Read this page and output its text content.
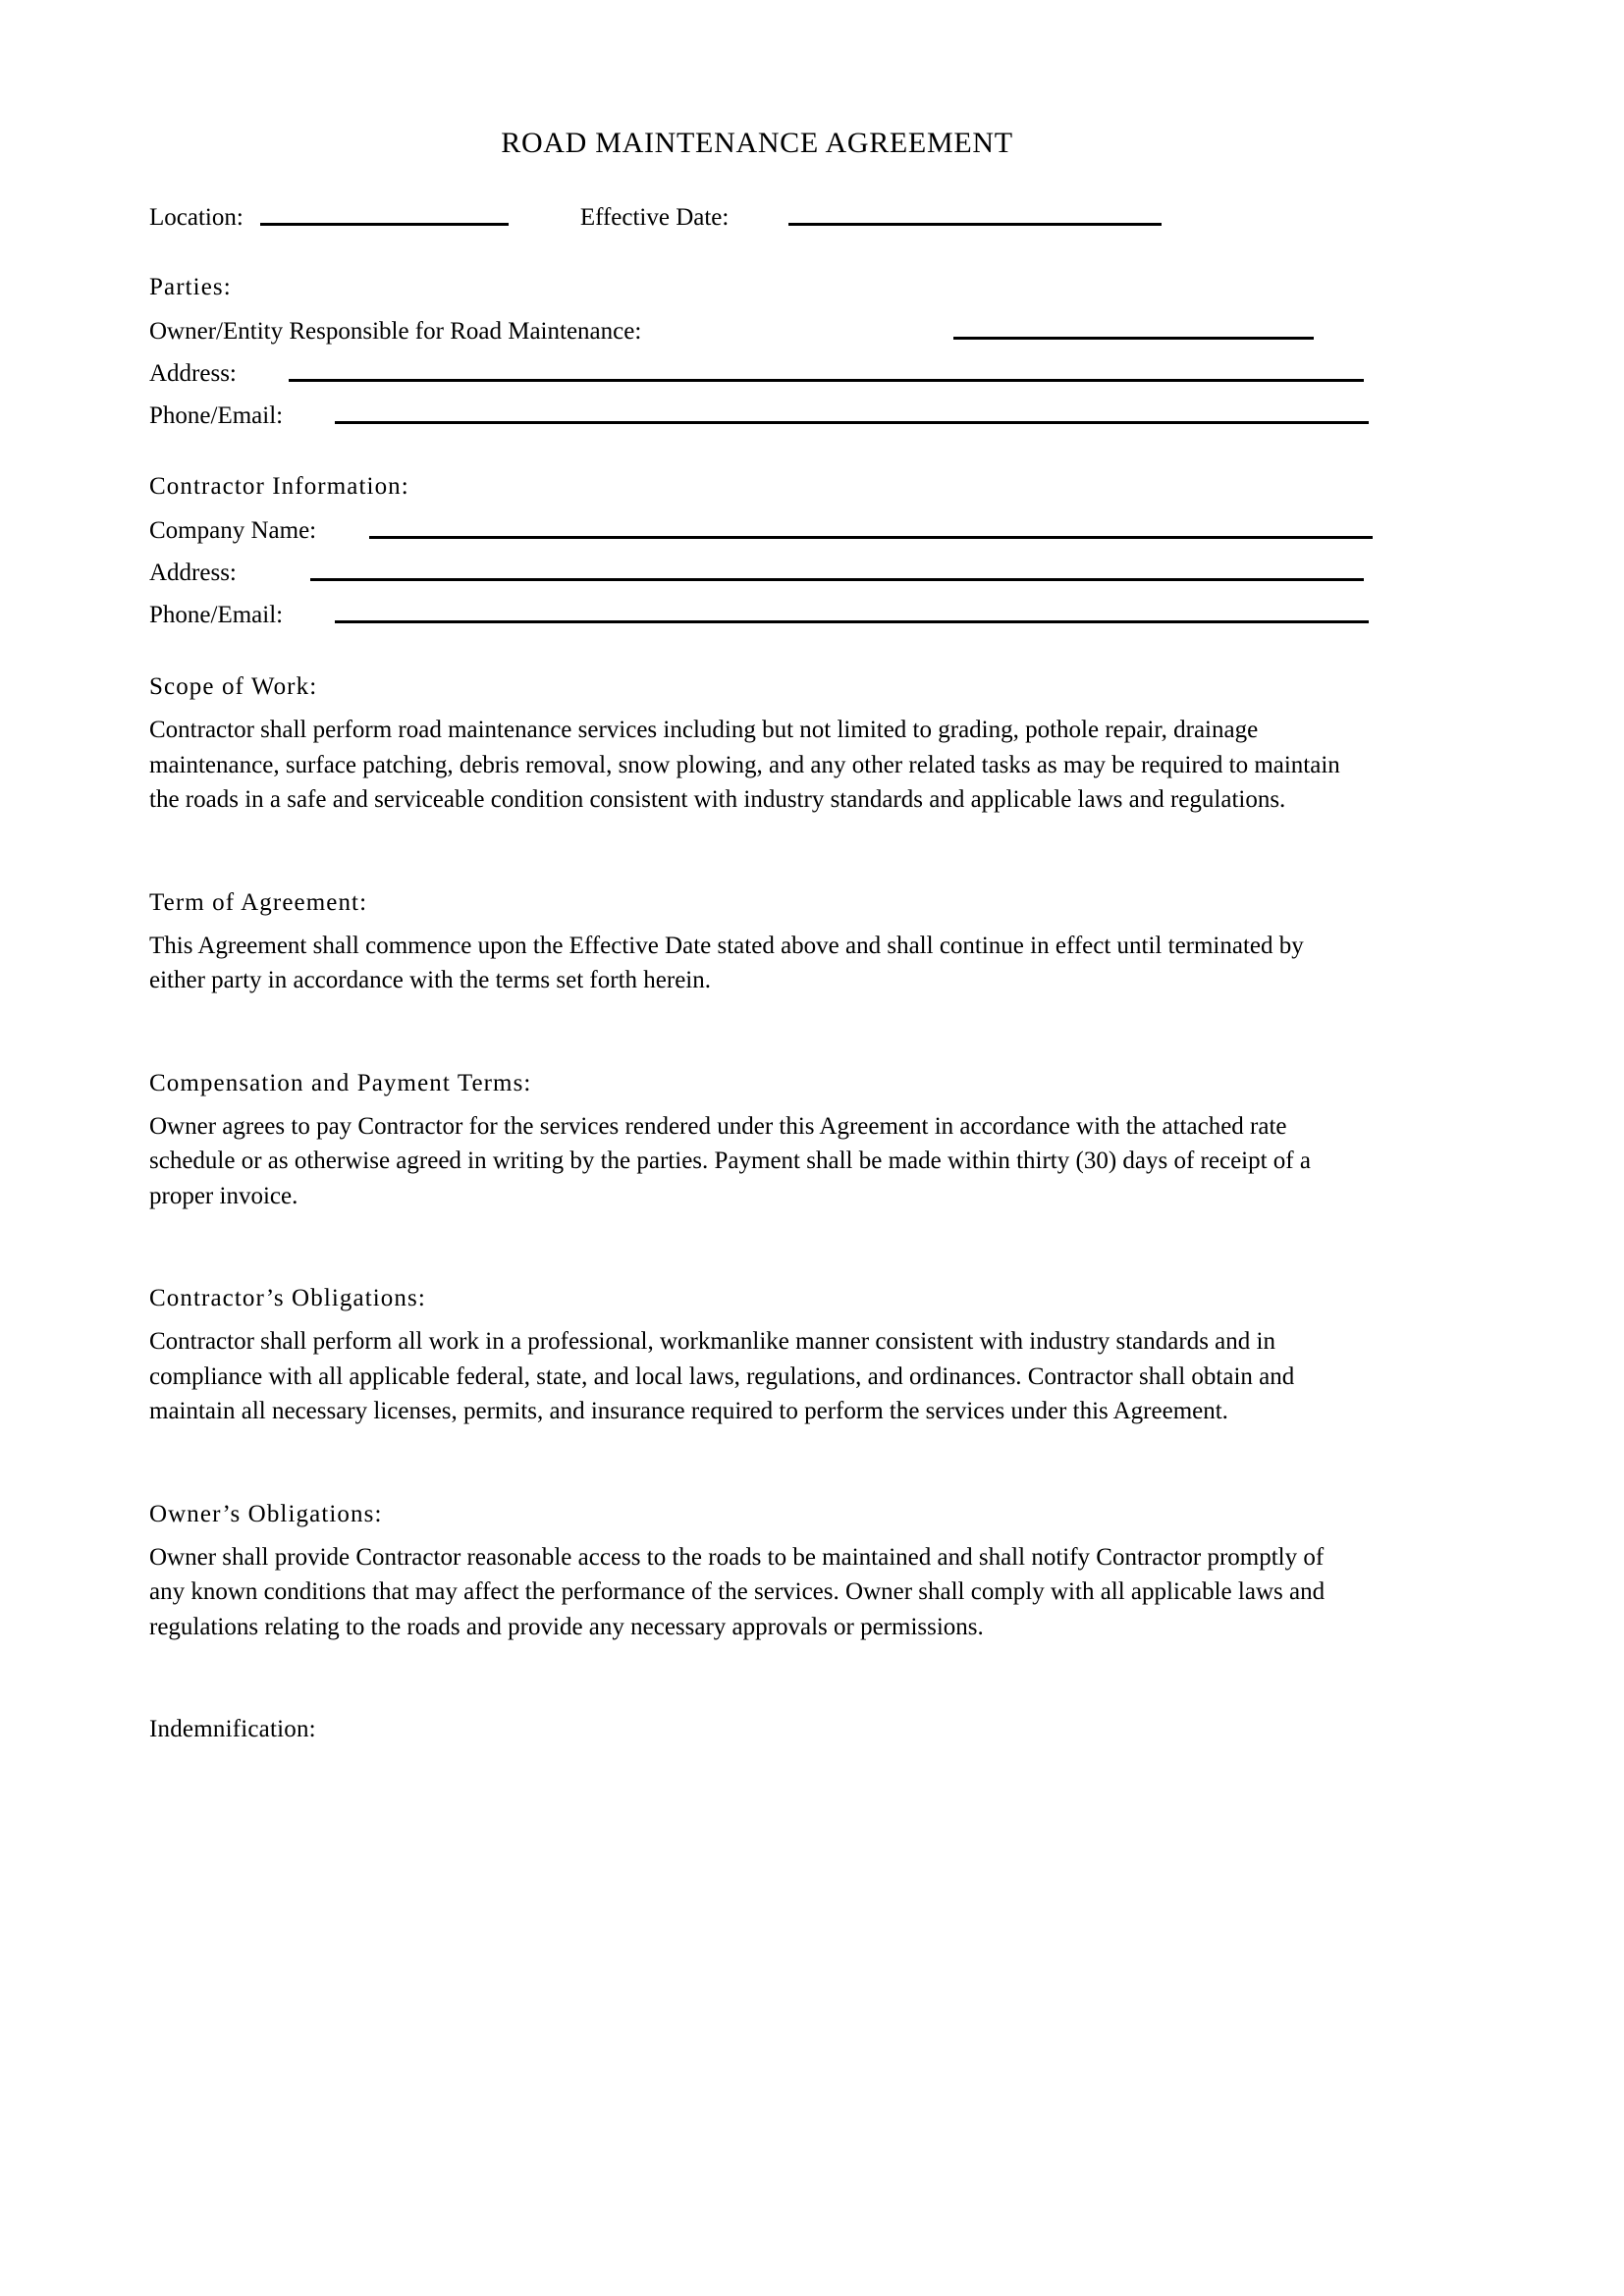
ROAD MAINTENANCE AGREEMENT
Location:	Effective Date:
Parties:
Owner/Entity Responsible for Road Maintenance:
Address:
Phone/Email:
Contractor Information:
Company Name:
Address:
Phone/Email:
Scope of Work:
Contractor shall perform road maintenance services including but not limited to grading, pothole repair, drainage maintenance, surface patching, debris removal, snow plowing, and any other related tasks as may be required to maintain the roads in a safe and serviceable condition consistent with industry standards and applicable laws and regulations.
Term of Agreement:
This Agreement shall commence upon the Effective Date stated above and shall continue in effect until terminated by either party in accordance with the terms set forth herein.
Compensation and Payment Terms:
Owner agrees to pay Contractor for the services rendered under this Agreement in accordance with the attached rate schedule or as otherwise agreed in writing by the parties. Payment shall be made within thirty (30) days of receipt of a proper invoice.
Contractor’s Obligations:
Contractor shall perform all work in a professional, workmanlike manner consistent with industry standards and in compliance with all applicable federal, state, and local laws, regulations, and ordinances. Contractor shall obtain and maintain all necessary licenses, permits, and insurance required to perform the services under this Agreement.
Owner’s Obligations:
Owner shall provide Contractor reasonable access to the roads to be maintained and shall notify Contractor promptly of any known conditions that may affect the performance of the services. Owner shall comply with all applicable laws and regulations relating to the roads and provide any necessary approvals or permissions.
Indemnification:
